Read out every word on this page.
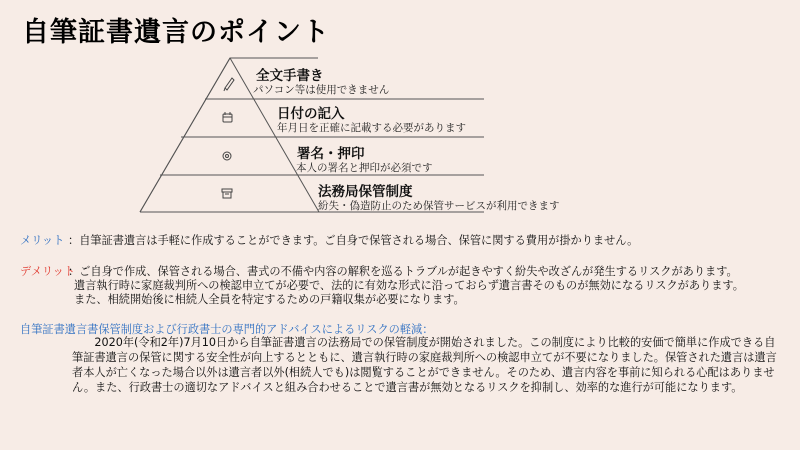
自筆証書遺言のポイント
全文手書き
パソコン等は使用できません
日付の記入
年月日を正確に記載する必要があります
署名・押印
本人の署名と押印が必須です
法務局保管制度
紛失・偽造防止のため保管サービスが利用できます
メリット ：自筆証書遺言は手軽に作成することができます。ご自身で保管される場合、保管に関する費用が掛かりません。
デメリット
：ご自身で作成、保管される場合、書式の不備や内容の解釈を巡るトラブルが起きやすく紛失や改ざんが発生するリスクがあります。
遺言執行時に家庭裁判所への検認申立てが必要で、法的に有効な形式に沿っておらず遺言書そのものが無効になるリスクがあります。
また、相続開始後に相続人全員を特定するための戸籍収集が必要になります。
自筆証書遺言書保管制度および行政書士の専門的アドバイスによるリスクの軽減：
2020年(令和2年)7月10日から自筆証書遺言の法務局での保管制度が開始されました。この制度により比較的安価で簡単に作成できる自筆証書遺言の保管に関する安全性が向上するとともに、遺言執行時の家庭裁判所への検認申立てが不要になりました。保管された遺言は遺言者本人が亡くなった場合以外は遺言者以外(相続人でも)は閲覧することができません。そのため、遺言内容を事前に知られる心配はありません。また、行政書士の適切なアドバイスと組み合わせることで遺言書が無効となるリスクを抑制し、効率的な進行が可能になります。
